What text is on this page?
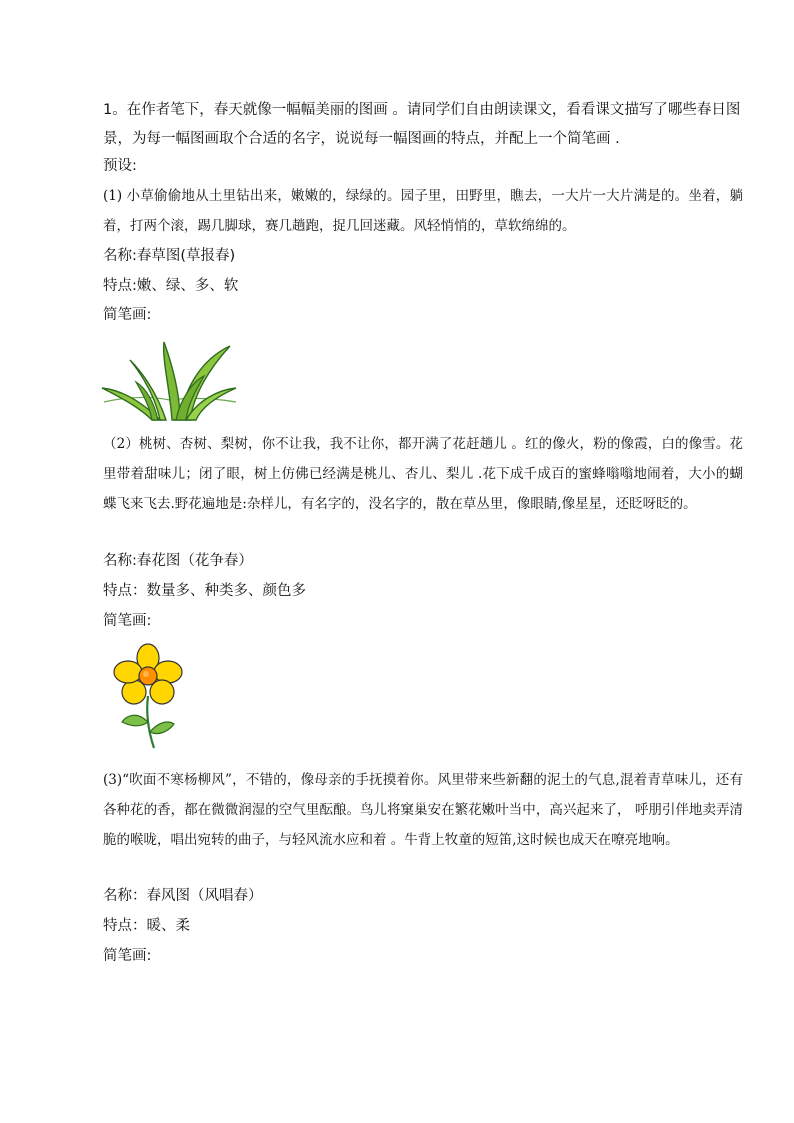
1。在作者笔下，春天就像一幅幅美丽的图画 。请同学们自由朗读课文，看看课文描写了哪些春日图景，为每一幅图画取个合适的名字，说说每一幅图画的特点，并配上一个简笔画 .
预设:
(1) 小草偷偷地从土里钻出来，嫩嫩的，绿绿的。园子里，田野里，瞧去，一大片一大片满是的。坐着，躺着，打两个滚，踢几脚球，赛几趟跑，捉几回迷藏。风轻悄悄的，草软绵绵的。
名称:春草图(草报春)
特点:嫩、绿、多、软
简笔画:
（2）桃树、杏树、梨树，你不让我，我不让你，都开满了花赶趟儿 。红的像火，粉的像霞，白的像雪。花里带着甜味儿；闭了眼，树上仿佛已经满是桃儿、杏儿、梨儿 .花下成千成百的蜜蜂嗡嗡地闹着，大小的蝴蝶飞来飞去.野花遍地是:杂样儿，有名字的，没名字的，散在草丛里，像眼睛,像星星，还眨呀眨的。
名称:春花图（花争春）
特点：数量多、种类多、颜色多
简笔画:
(3)“吹面不寒杨柳风”，不错的，像母亲的手抚摸着你。风里带来些新翻的泥土的气息,混着青草味儿，还有各种花的香，都在微微润湿的空气里酝酿。鸟儿将窠巢安在繁花嫩叶当中，高兴起来了， 呼朋引伴地卖弄清脆的喉咙，唱出宛转的曲子，与轻风流水应和着 。牛背上牧童的短笛,这时候也成天在嘹亮地响。
名称：春风图（风唱春）
特点：暖、柔
简笔画:
